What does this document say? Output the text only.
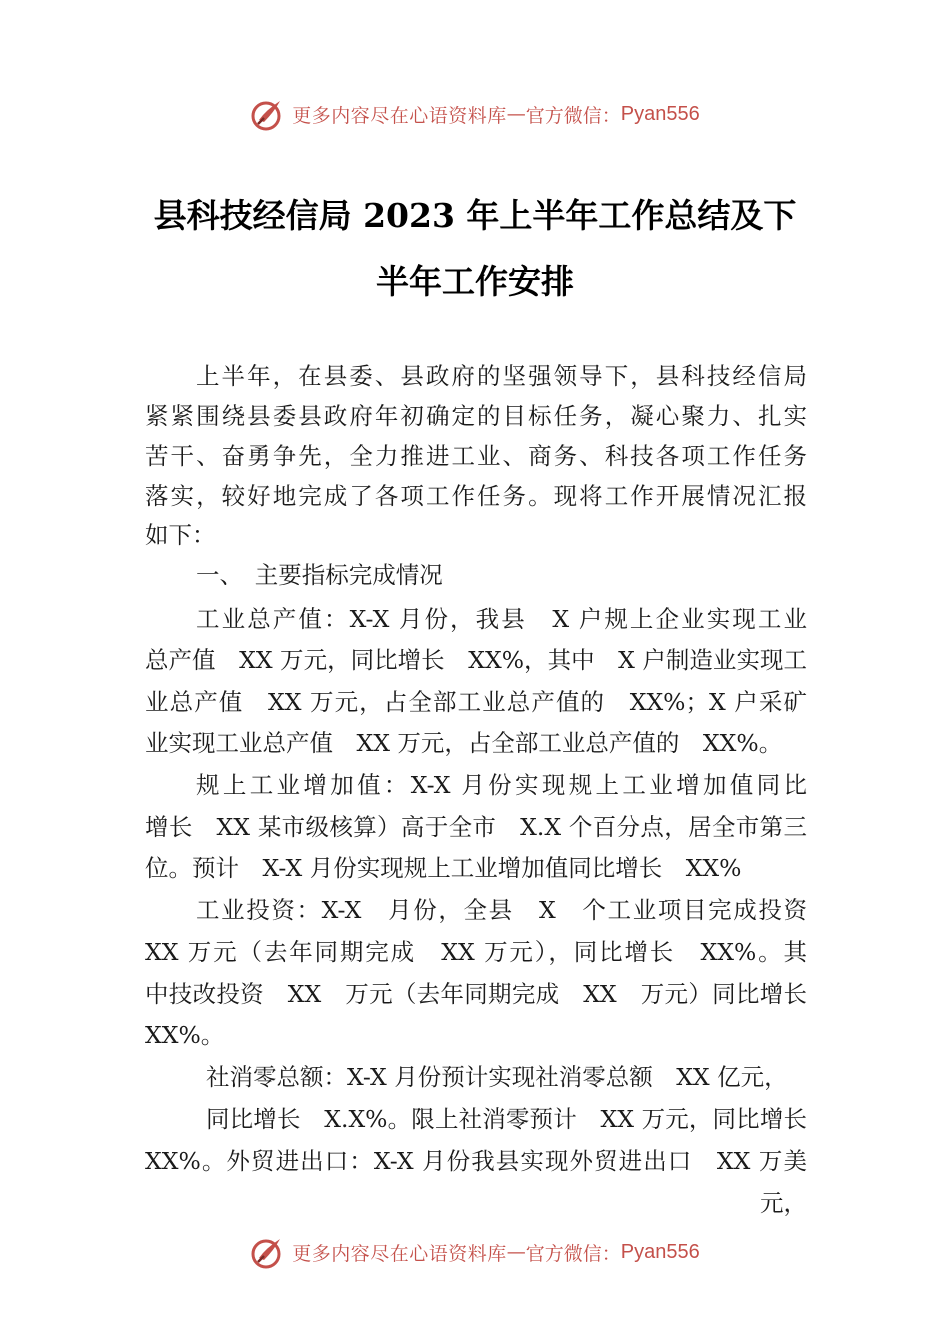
更多内容尽在心语资料库 — 官方微信： Pyan556
县科技经信局 2023 年上半年工作总结及下
半年工作安排
上半年，在县委、县政府的坚强领导下，县科技经信局
紧紧围绕县委县政府年初确定的目标任务，凝心聚力、扎实
苦干、奋勇争先，全力推进工业、商务、科技各项工作任务
落实，较好地完成了各项工作任务。现将工作开展情况汇报
如下：
一、　主要指标完成情况
工业总产值：X-X 月份，我县　X 户规上企业实现工业
总产值　XX 万元，同比增长　XX%，其中　X 户制造业实现工
业总产值　XX 万元，占全部工业总产值的　XX%；X 户采矿
业实现工业总产值　XX 万元，占全部工业总产值的　XX%。
规上工业增加值：X-X 月份实现规上工业增加值同比
增长　XX 某市级核算）高于全市　X.X 个百分点，居全市第三
位。预计　X-X 月份实现规上工业增加值同比增长　XX%
工业投资：X-X　月份，全县　X　个工业项目完成投资
XX 万元（去年同期完成　XX 万元），同比增长　XX%。其
中技改投资　XX　万元（去年同期完成　XX　万元）同比增长
XX%。
社消零总额：X-X 月份预计实现社消零总额　XX 亿元，
同比增长　X.X%。限上社消零预计　XX 万元，同比增长
XX%。外贸进出口：X-X 月份我县实现外贸进出口　XX 万美
元，
更多内容尽在心语资料库 — 官方微信： Pyan556
